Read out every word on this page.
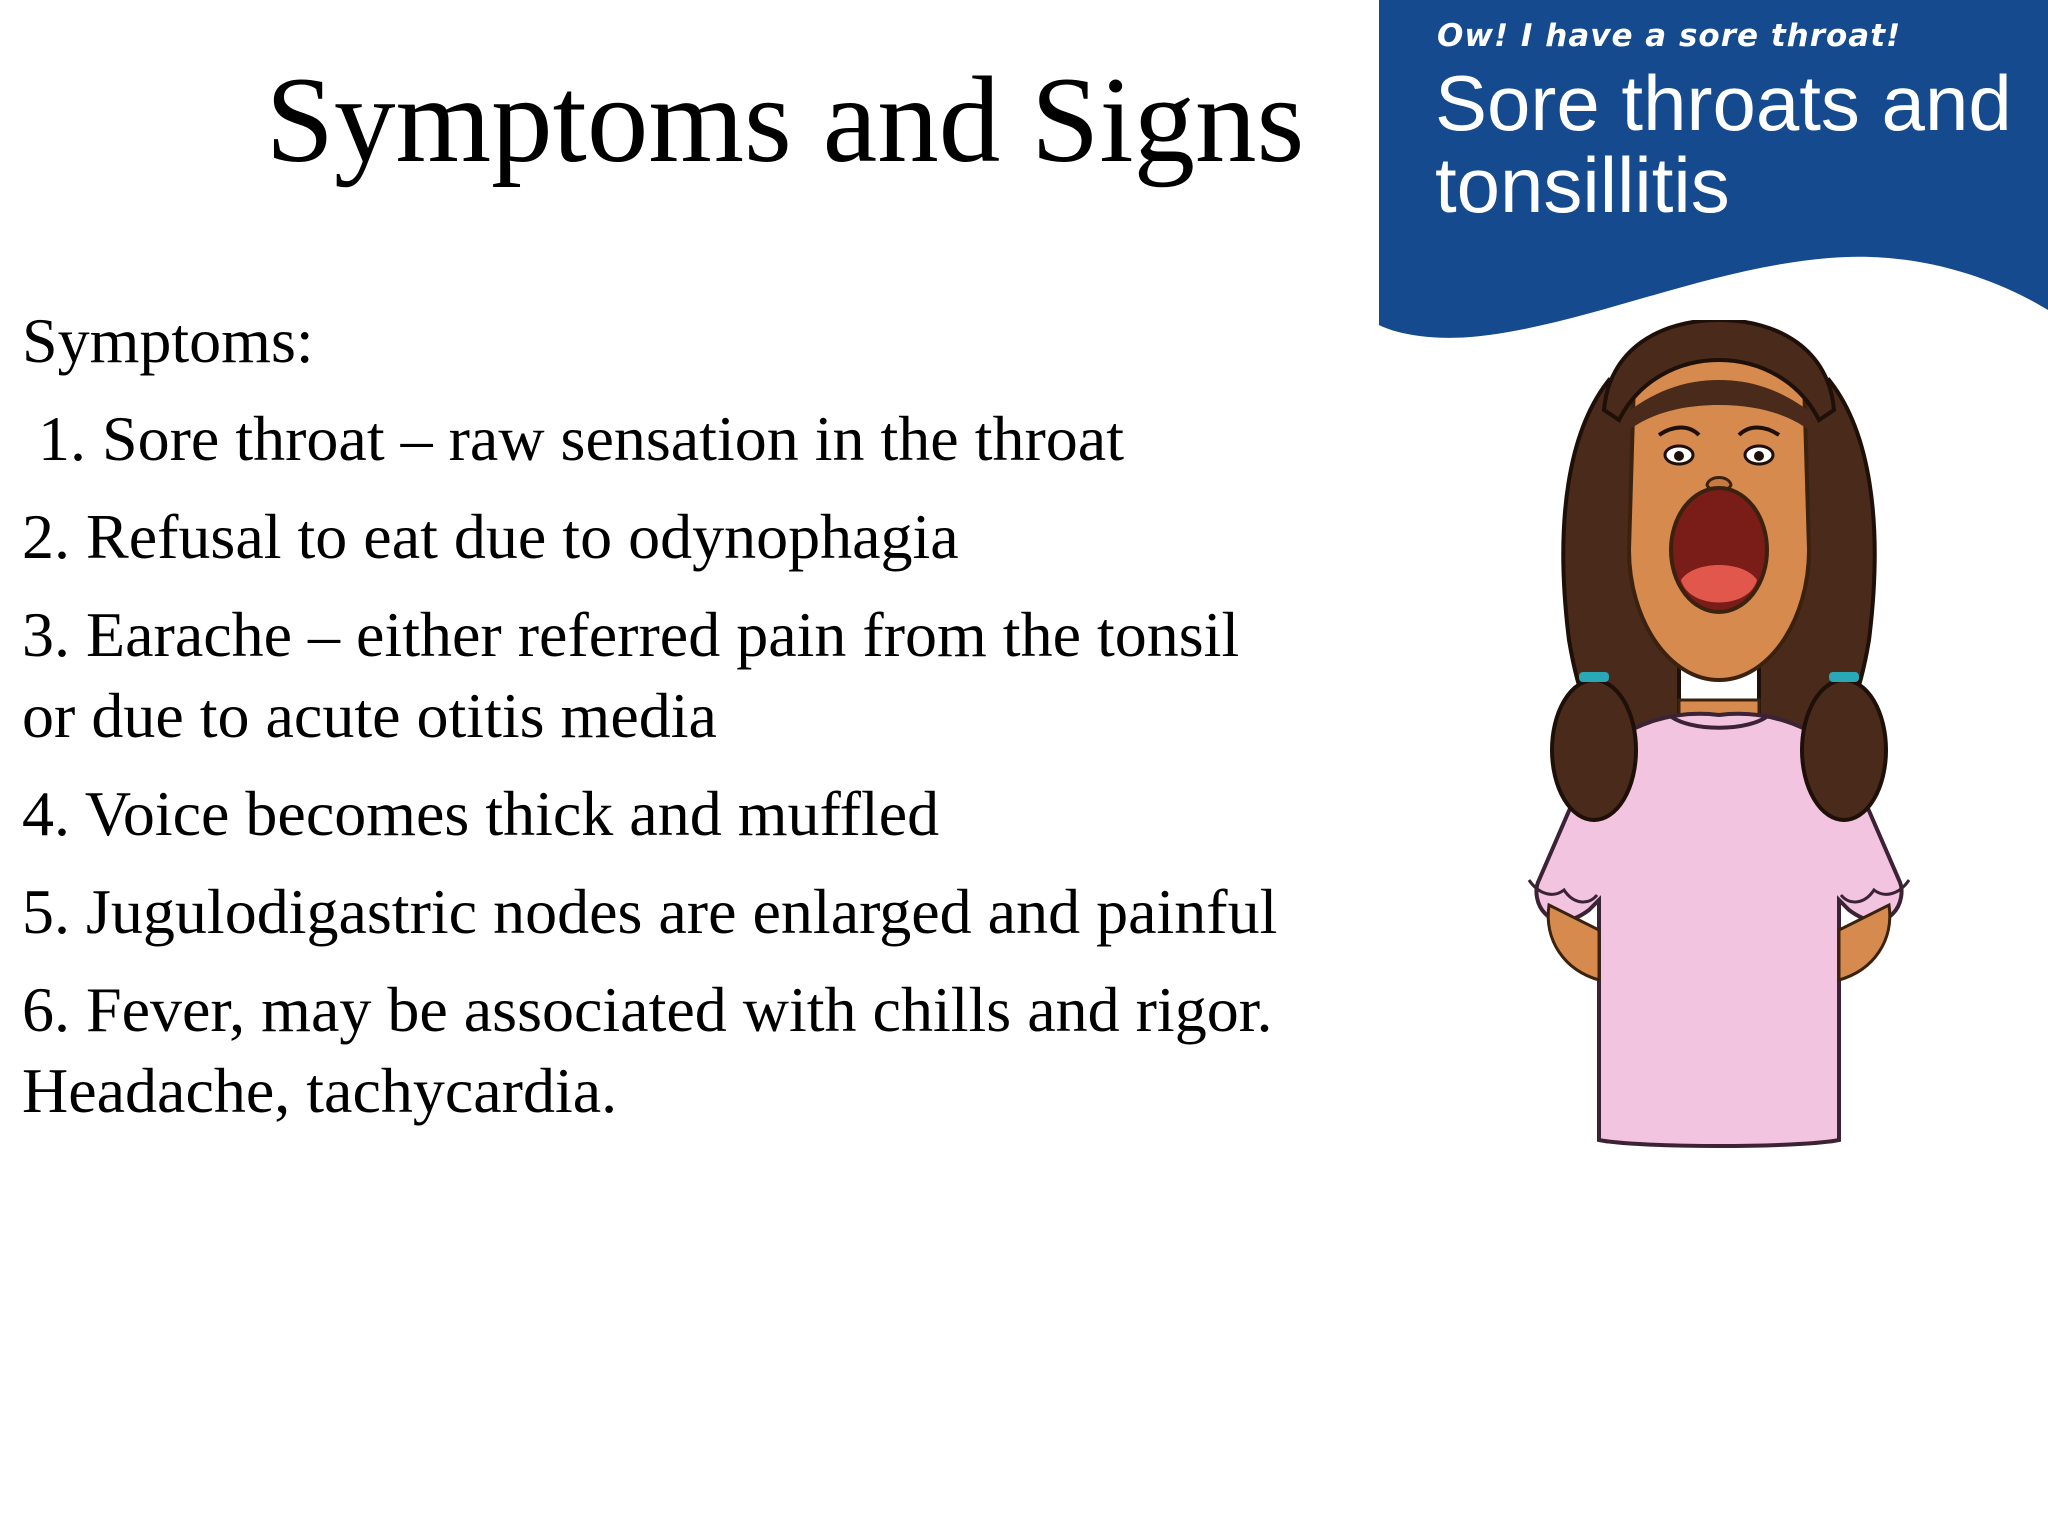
Symptoms and Signs

Symptoms:

1. Sore throat – raw sensation in the throat

2. Refusal to eat due to odynophagia

3. Earache – either referred pain from the tonsil

or due to acute otitis media

4. Voice becomes thick and muffled

5. Jugulodigastric nodes are enlarged and painful

6. Fever, may be associated with chills and rigor.

Headache, tachycardia.

Ow! I have a sore throat!
Sore throats and
tonsillitis
